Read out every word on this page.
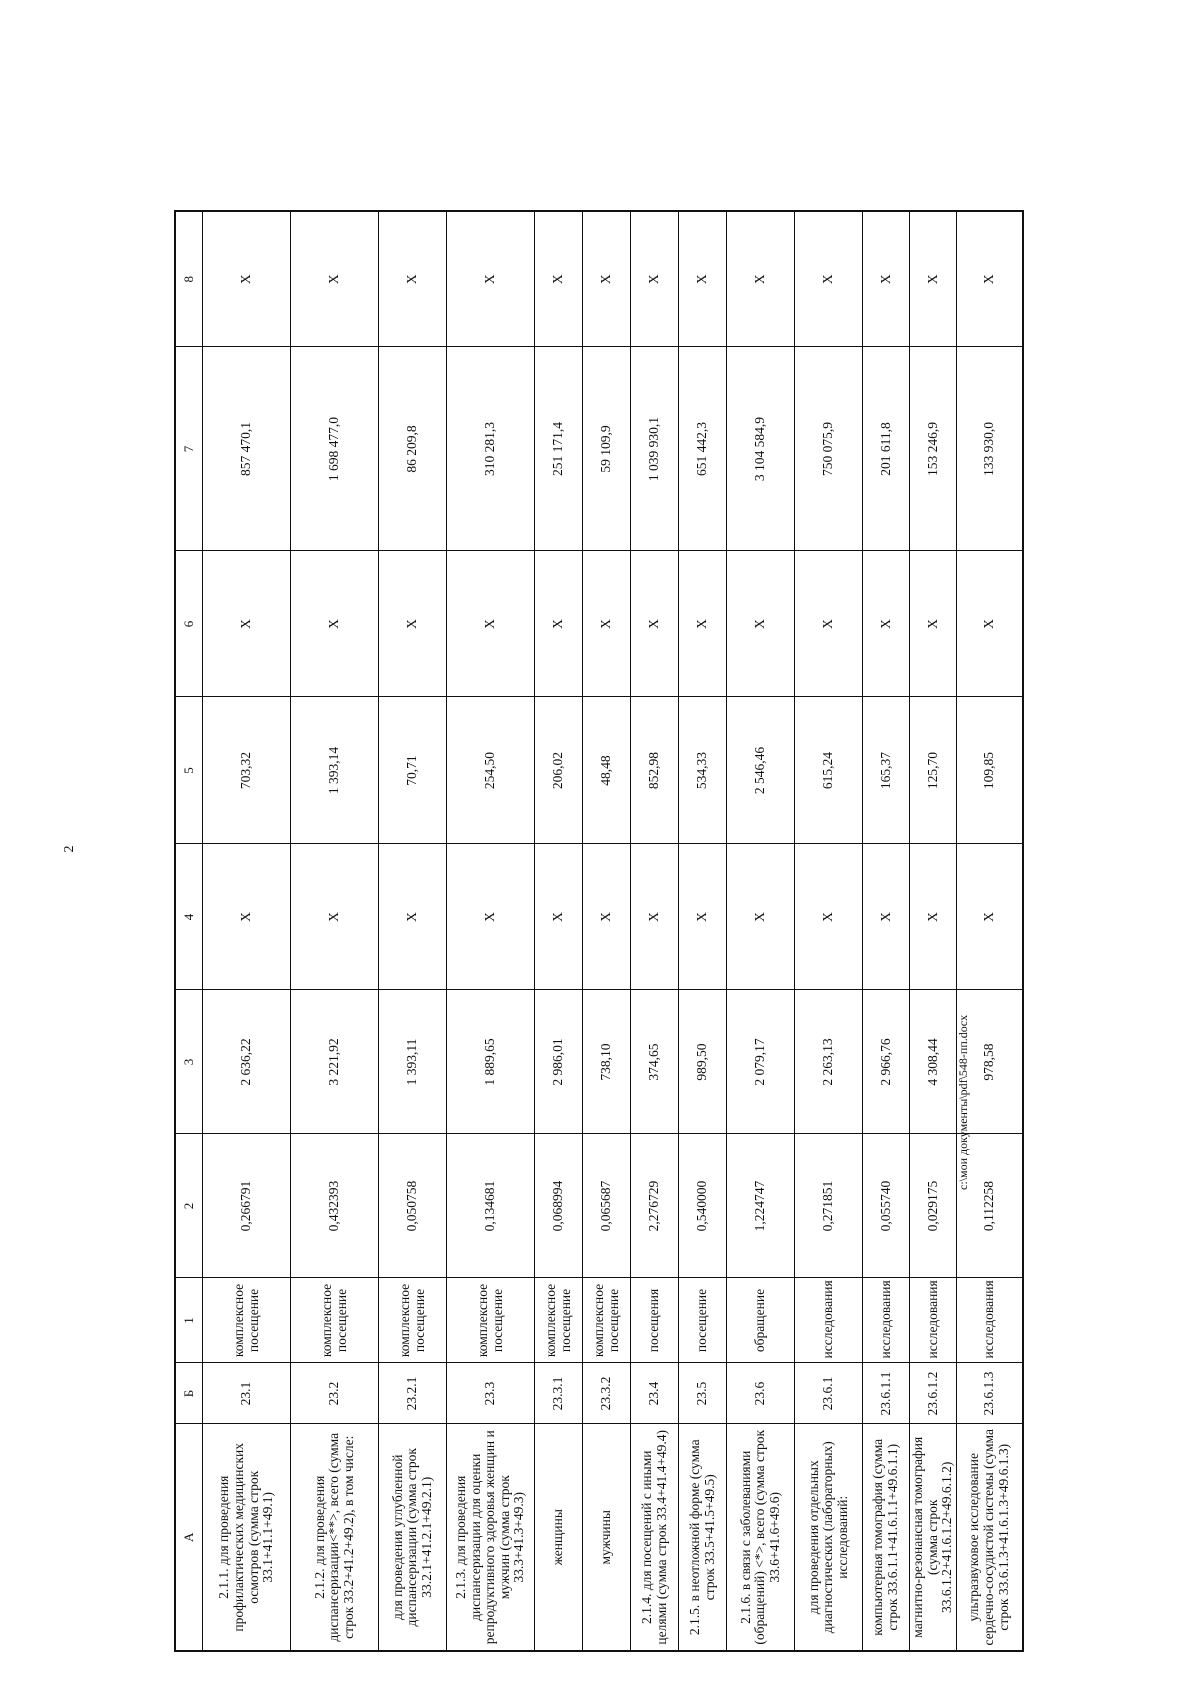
2
А	Б	1	2	3	4	5	6	7	8
2.1.1. для проведения профилактических медицинских осмотров (сумма строк 33.1+41.1+49.1)	23.1	комплексное посещение	0,266791	2 636,22	X	703,32	X	857 470,1	X
2.1.2. для проведения диспансеризации<**>, всего (сумма строк 33.2+41.2+49.2), в том числе:	23.2	комплексное посещение	0,432393	3 221,92	X	1 393,14	X	1 698 477,0	X
для проведения углубленной диспансеризации (сумма строк 33.2.1+41.2.1+49.2.1)	23.2.1	комплексное посещение	0,050758	1 393,11	X	70,71	X	86 209,8	X
2.1.3. для проведения диспансеризации для оценки репродуктивного здоровья женщин и мужчин (сумма строк 33.3+41.3+49.3)	23.3	комплексное посещение	0,134681	1 889,65	X	254,50	X	310 281,3	X
женщины	23.3.1	комплексное посещение	0,068994	2 986,01	X	206,02	X	251 171,4	X
мужчины	23.3.2	комплексное посещение	0,065687	738,10	X	48,48	X	59 109,9	X
2.1.4. для посещений с иными целями (сумма строк 33.4+41.4+49.4)	23.4	посещения	2,276729	374,65	X	852,98	X	1 039 930,1	X
2.1.5. в неотложной форме (сумма строк 33.5+41.5+49.5)	23.5	посещение	0,540000	989,50	X	534,33	X	651 442,3	X
2.1.6. в связи с заболеваниями (обращений) <*>, всего (сумма строк 33.6+41.6+49.6)	23.6	обращение	1,224747	2 079,17	X	2 546,46	X	3 104 584,9	X
для проведения отдельных диагностических (лабораторных) исследований:	23.6.1	исследования	0,271851	2 263,13	X	615,24	X	750 075,9	X
компьютерная томография (сумма строк 33.6.1.1+41.6.1.1+49.6.1.1)	23.6.1.1	исследования	0,055740	2 966,76	X	165,37	X	201 611,8	X
магнитно-резонансная томография (сумма строк 33.6.1.2+41.6.1.2+49.6.1.2)	23.6.1.2	исследования	0,029175	4 308,44	X	125,70	X	153 246,9	X
ультразвуковое исследование сердечно-сосудистой системы (сумма строк 33.6.1.3+41.6.1.3+49.6.1.3)	23.6.1.3	исследования	0,112258	978,58	X	109,85	X	133 930,0	X
c:\мои документы\pdf\548-пп.docx
